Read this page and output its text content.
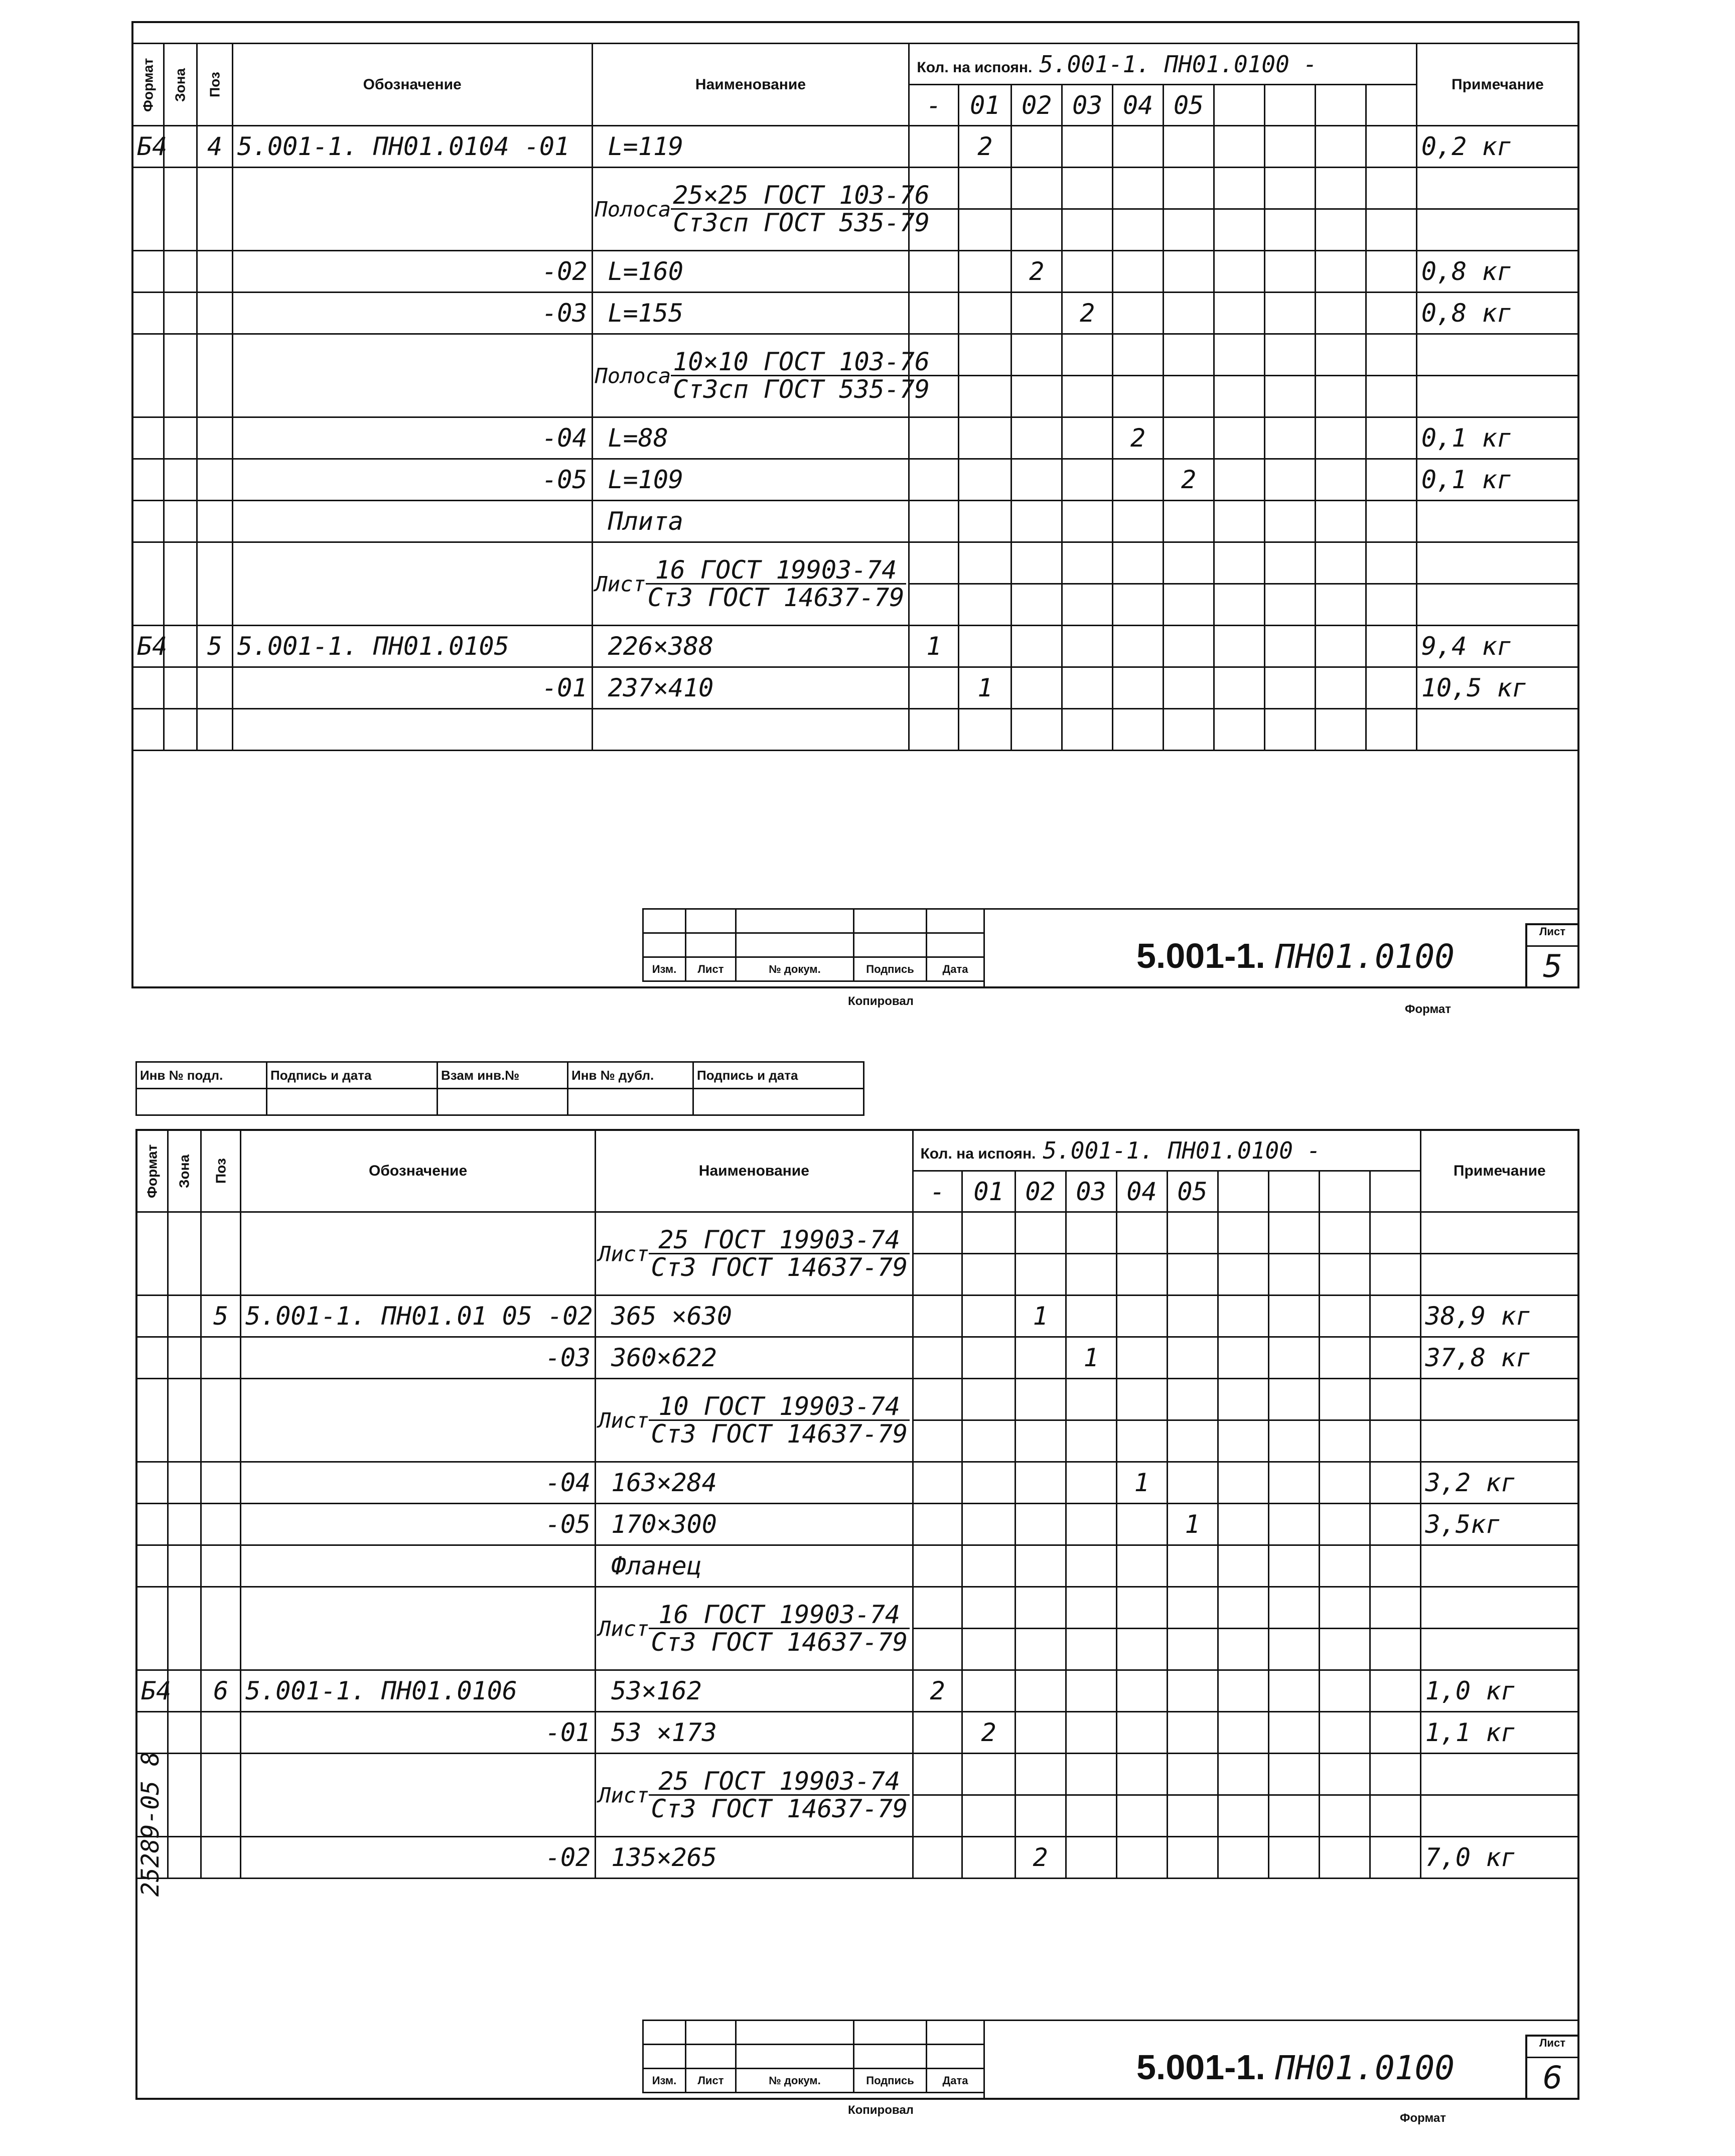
Формат	Зона	Поз	Обозначение	Наименование	Кол. на испоян. 5.001-1. ПН01.0100 -										Примечание
					-	01	02	03	04	05					
Б4		4	5.001-1. ПН01.0104 -01	L=119		2									0,2 кг
				Полоса $\frac{\text{25×25 ГОСТ 103-76}}{\text{Ст3сп ГОСТ 535-79}}$

			-02	L=160			2								0,8 кг
			-03	L=155				2							0,8 кг
				Полоса $\frac{\text{10×10 ГОСТ 103-76}}{\text{Ст3сп ГОСТ 535-79}}$

			-04	L=88					2						0,1 кг
			-05	L=109						2					0,1 кг
				Плита											
				Лист $\frac{\text{16 ГОСТ 19903-74}}{\text{Ст3 ГОСТ 14637-79}}$

Б4		5	5.001-1. ПН01.0105	226×388	1										9,4 кг
			-01	237×410		1									10,5 кг

Изм.	Лист	№ докум.	Подпись	Дата	5.001-1. ПН01.0100
Лист
5
Копировал
Формат
Инв № подл.	Подпись и дата	Взам инв.№	Инв № дубл.	Подпись и дата

Формат	Зона	Поз	Обозначение	Наименование	Кол. на испоян. 5.001-1. ПН01.0100 -										Примечание
					-	01	02	03	04	05					
				Лист $\frac{\text{25 ГОСТ 19903-74}}{\text{Ст3 ГОСТ 14637-79}}$

		5	5.001-1. ПН01.01 05 -02	365 ×630			1								38,9 кг
			-03	360×622				1							37,8 кг
				Лист $\frac{\text{10 ГОСТ 19903-74}}{\text{Ст3 ГОСТ 14637-79}}$

			-04	163×284					1						3,2 кг
			-05	170×300						1					3,5кг
				Фланец											
				Лист $\frac{\text{16 ГОСТ 19903-74}}{\text{Ст3 ГОСТ 14637-79}}$

Б4		6	5.001-1. ПН01.0106	53×162	2										1,0 кг
			-01	53 ×173		2									1,1 кг
				Лист $\frac{\text{25 ГОСТ 19903-74}}{\text{Ст3 ГОСТ 14637-79}}$

			-02	135×265			2								7,0 кг

Изм.	Лист	№ докум.	Подпись	Дата	5.001-1. ПН01.0100
Лист
6
Копировал
Формат
25289-05 8
